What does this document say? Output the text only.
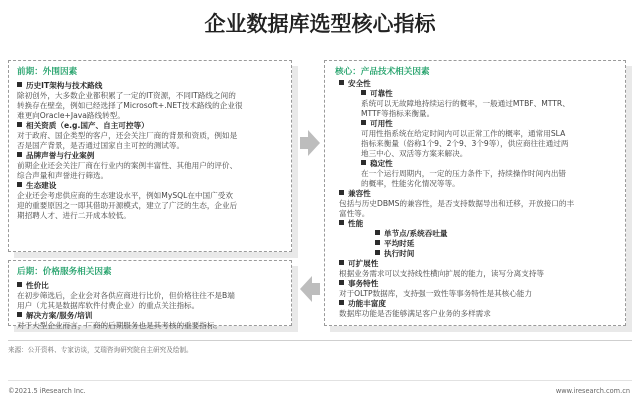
企业数据库选型核心指标
前期：外围因素
历史IT架构与技术路线
除初创外，大多数企业都积累了一定的IT资源，不同IT路线之间的
转换存在壁垒，例如已经选择了Microsoft+.NET技术路线的企业很
难更向Oracle+Java路线转型。
相关资质（e.g.国产、自主可控等）
对于政府、国企类型的客户，还会关注厂商的背景和资质，例如是
否是国产背景，是否通过国家自主可控的测试等。
品牌声誉与行业案例
前期企业还会关注厂商在行业内的案例丰富性、其他用户的评价、
综合声量和声誉进行筛选。
生态建设
企业还会考虑供应商的生态建设水平，例如MySQL在中国广受欢
迎的重要原因之一即其借助开源模式，建立了广泛的生态，企业后
期招聘人才、进行二开成本较低。
后期：价格服务相关因素
性价比
在初步筛选后，企业会对各供应商进行比价，但价格往往不是B端
用户（尤其是数据库软件付费企业）的重点关注指标。
解决方案/服务/培训
对于大型企业而言，厂商的后期服务也是其考核的重要指标。
核心：产品技术相关因素
安全性
可靠性
系统可以无故障地持续运行的概率，一般通过MTBF、MTTR、
MTTF等指标来衡量。
可用性
可用性指系统在给定时间内可以正常工作的概率，通常用SLA
指标来衡量（俗称1个9、2个9、3个9等），供应商往往通过两
地三中心、双活等方案来解决。
稳定性
在一个运行周期内，一定的压力条件下，持续操作时间内出错
的概率，性能劣化情况等等。
兼容性
包括与历史DBMS的兼容性，是否支持数据导出和迁移，开放接口的丰
富性等。
性能
单节点/系统吞吐量
平均时延
执行时间
可扩展性
根据业务需求可以支持线性横向扩展的能力，读写分离支持等
事务特性
对于OLTP数据库，支持强一致性等事务特性是其核心能力
功能丰富度
数据库功能是否能够满足客户业务的多样需求
来源：公开资料、专家访谈，艾瑞咨询研究院自主研究及绘制。
©2021.5 iResearch Inc.	www.iresearch.com.cn
